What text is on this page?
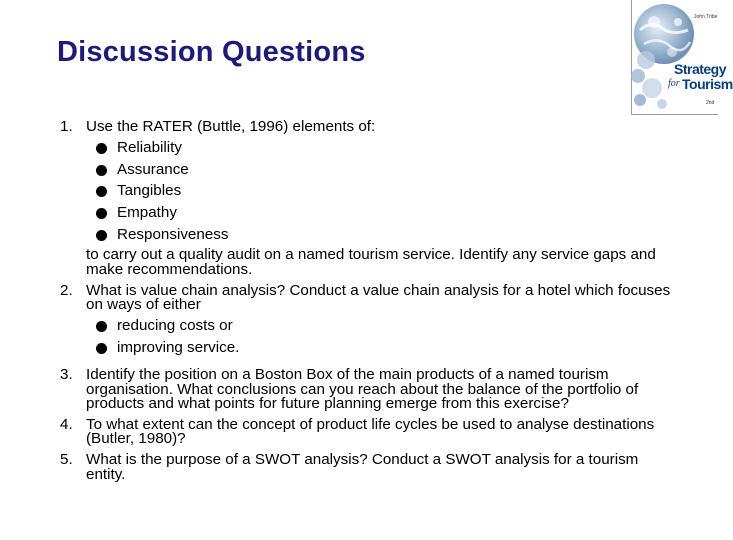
Discussion Questions
John Tribe
Strategy
for Tourism
2nd
1. Use the RATER (Buttle, 1996) elements of:
Reliability
Assurance
Tangibles
Empathy
Responsiveness
to carry out a quality audit on a named tourism service. Identify any service gaps and make recommendations.
2. What is value chain analysis? Conduct a value chain analysis for a hotel which focuses on ways of either
reducing costs or
improving service.
3. Identify the position on a Boston Box of the main products of a named tourism organisation. What conclusions can you reach about the balance of the portfolio of products and what points for future planning emerge from this exercise?
4. To what extent can the concept of product life cycles be used to analyse destinations (Butler, 1980)?
5. What is the purpose of a SWOT analysis? Conduct a SWOT analysis for a tourism entity.
